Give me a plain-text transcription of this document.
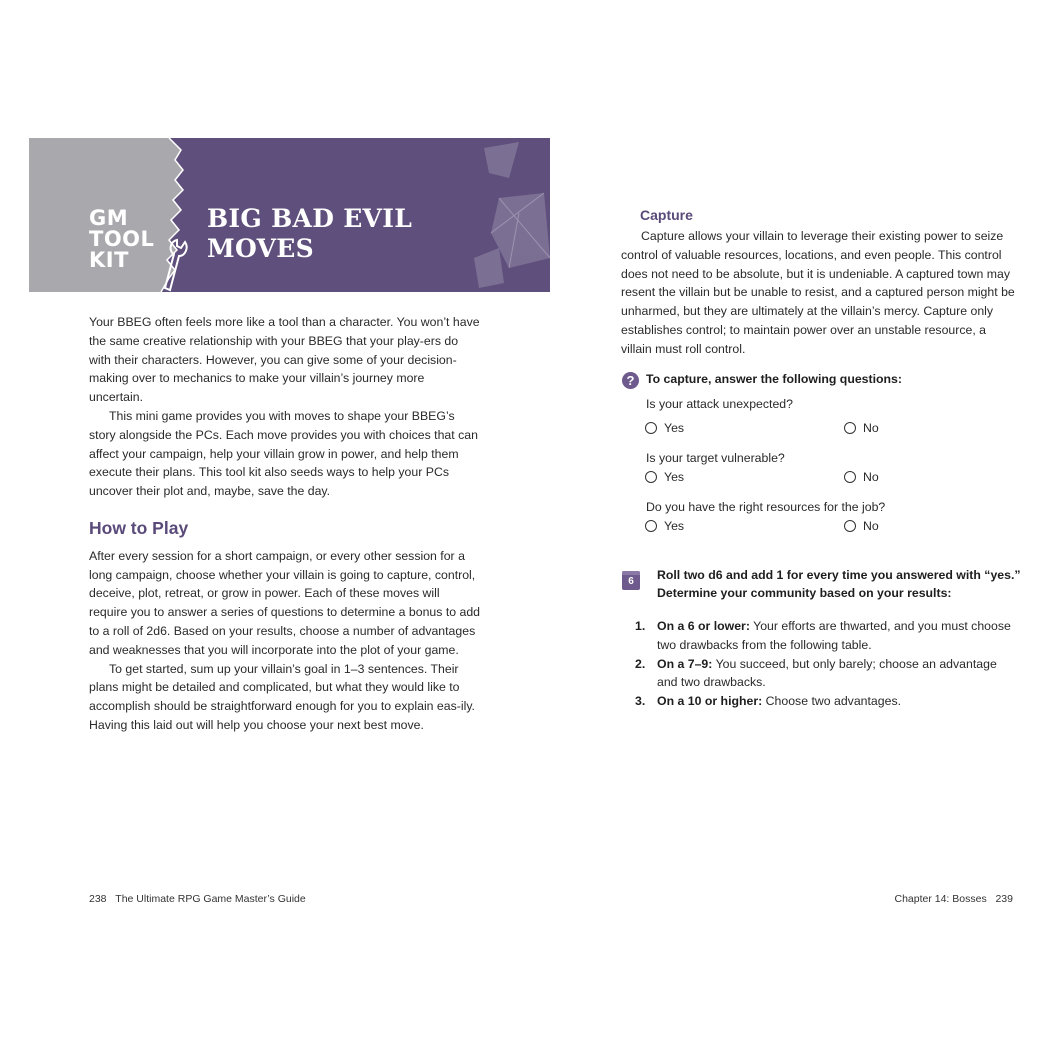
GM
TOOL
KIT
BIG BAD EVIL
MOVES

Your BBEG often feels more like a tool than a character. You won’t have the same creative relationship with your BBEG that your play-ers do with their characters. However, you can give some of your decision-making over to mechanics to make your villain’s journey more uncertain.

This mini game provides you with moves to shape your BBEG’s story alongside the PCs. Each move provides you with choices that can affect your campaign, help your villain grow in power, and help them execute their plans. This tool kit also seeds ways to help your PCs uncover their plot and, maybe, save the day.

How to Play

After every session for a short campaign, or every other session for a long campaign, choose whether your villain is going to capture, control, deceive, plot, retreat, or grow in power. Each of these moves will require you to answer a series of questions to determine a bonus to add to a roll of 2d6. Based on your results, choose a number of advantages and weaknesses that you will incorporate into the plot of your game.

To get started, sum up your villain’s goal in 1–3 sentences. Their plans might be detailed and complicated, but what they would like to accomplish should be straightforward enough for you to explain eas-ily. Having this laid out will help you choose your next best move.

Capture

Capture allows your villain to leverage their existing power to seize control of valuable resources, locations, and even people. This control does not need to be absolute, but it is undeniable. A captured town may resent the villain but be unable to resist, and a captured person might be unharmed, but they are ultimately at the villain’s mercy. Capture only establishes control; to maintain power over an unstable resource, a villain must roll control.

? To capture, answer the following questions:
Is your attack unexpected?
Yes	No
Is your target vulnerable?
Yes	No
Do you have the right resources for the job?
Yes	No
6	Roll two d6 and add 1 for every time you answered with “yes.”
Determine your community based on your results:
1. On a 6 or lower: Your efforts are thwarted, and you must choose two drawbacks from the following table.
2. On a 7–9: You succeed, but only barely; choose an advantage and two drawbacks.
3. On a 10 or higher: Choose two advantages.
238 The Ultimate RPG Game Master’s Guide	Chapter 14: Bosses 239
